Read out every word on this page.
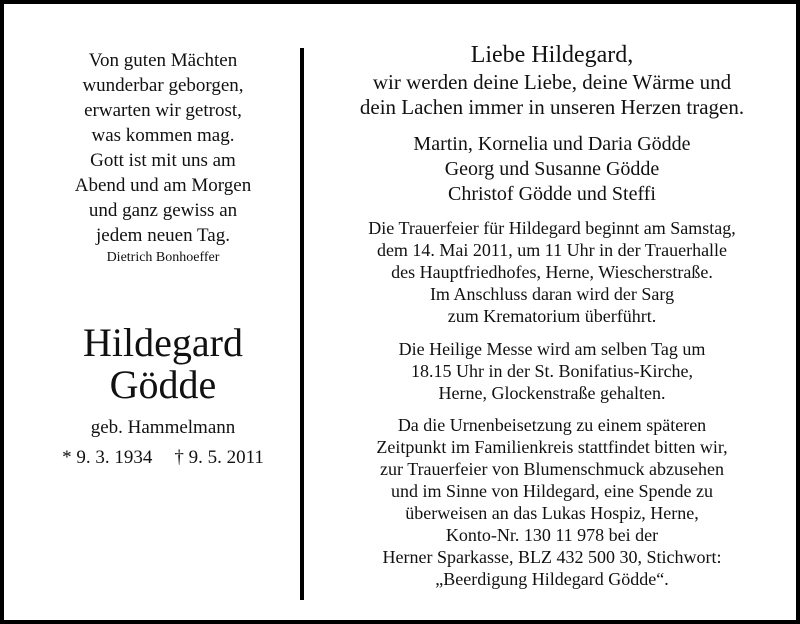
Von guten Mächten
wunderbar geborgen,
erwarten wir getrost,
was kommen mag.
Gott ist mit uns am
Abend und am Morgen
und ganz gewiss an
jedem neuen Tag.
Dietrich Bonhoeffer
Hildegard
Gödde
geb. Hammelmann
* 9. 3. 1934 † 9. 5. 2011
Liebe Hildegard,
wir werden deine Liebe, deine Wärme und
dein Lachen immer in unseren Herzen tragen.
Martin, Kornelia und Daria Gödde
Georg und Susanne Gödde
Christof Gödde und Steffi
Die Trauerfeier für Hildegard beginnt am Samstag,
dem 14. Mai 2011, um 11 Uhr in der Trauerhalle
des Hauptfriedhofes, Herne, Wiescherstraße.
Im Anschluss daran wird der Sarg
zum Krematorium überführt.
Die Heilige Messe wird am selben Tag um
18.15 Uhr in der St. Bonifatius-Kirche,
Herne, Glockenstraße gehalten.
Da die Urnenbeisetzung zu einem späteren
Zeitpunkt im Familienkreis stattfindet bitten wir,
zur Trauerfeier von Blumenschmuck abzusehen
und im Sinne von Hildegard, eine Spende zu
überweisen an das Lukas Hospiz, Herne,
Konto-Nr. 130 11 978 bei der
Herner Sparkasse, BLZ 432 500 30, Stichwort:
„Beerdigung Hildegard Gödde“.
